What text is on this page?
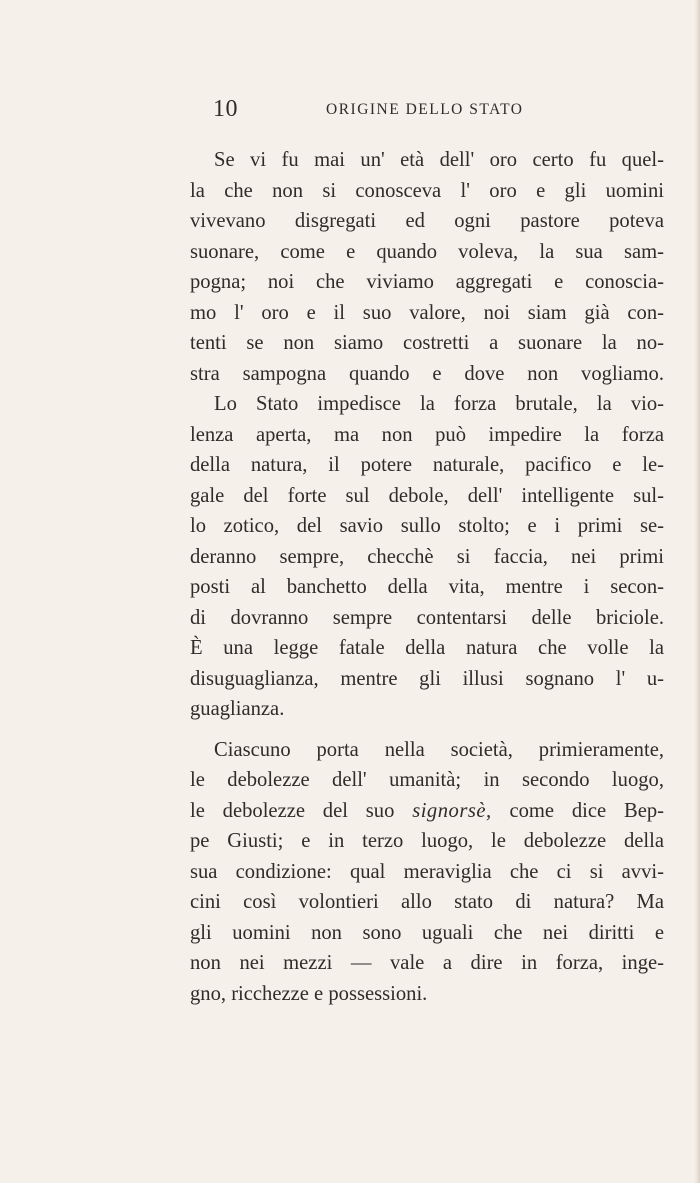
10	ORIGINE DELLO STATO
Se vi fu mai un' età dell' oro certo fu quel-
la che non si conosceva l' oro e gli uomini
vivevano disgregati ed ogni pastore poteva
suonare, come e quando voleva, la sua sam-
pogna; noi che viviamo aggregati e conoscia-
mo l' oro e il suo valore, noi siam già con-
tenti se non siamo costretti a suonare la no-
stra sampogna quando e dove non vogliamo.
Lo Stato impedisce la forza brutale, la vio-
lenza aperta, ma non può impedire la forza
della natura, il potere naturale, pacifico e le-
gale del forte sul debole, dell' intelligente sul-
lo zotico, del savio sullo stolto; e i primi se-
deranno sempre, checchè si faccia, nei primi
posti al banchetto della vita, mentre i secon-
di dovranno sempre contentarsi delle briciole.
È una legge fatale della natura che volle la
disuguaglianza, mentre gli illusi sognano l' u-
guaglianza.
Ciascuno porta nella società, primieramente,
le debolezze dell' umanità; in secondo luogo,
le debolezze del suo signorsè, come dice Bep-
pe Giusti; e in terzo luogo, le debolezze della
sua condizione: qual meraviglia che ci si avvi-
cini così volontieri allo stato di natura? Ma
gli uomini non sono uguali che nei diritti e
non nei mezzi — vale a dire in forza, inge-
gno, ricchezze e possessioni.
